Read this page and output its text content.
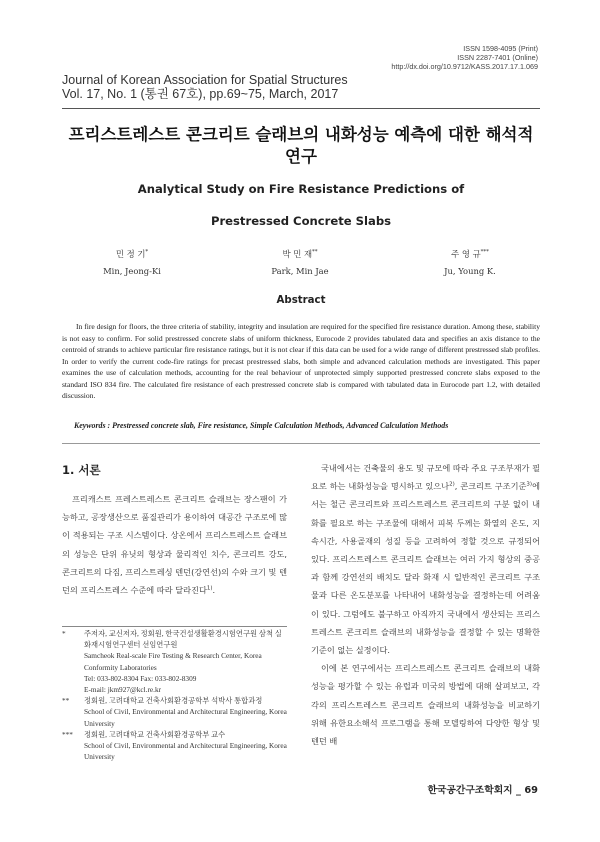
ISSN 1598-4095 (Print)
ISSN 2287-7401 (Online)
http://dx.doi.org/10.9712/KASS.2017.17.1.069
Journal of Korean Association for Spatial Structures
Vol. 17, No. 1 (통권 67호), pp.69~75, March, 2017
프리스트레스트 콘크리트 슬래브의 내화성능 예측에 대한 해석적 연구
Analytical Study on Fire Resistance Predictions of
Prestressed Concrete Slabs
민 정 기*
Min, Jeong-Ki
박 민 재**
Park, Min Jae
주 영 규***
Ju, Young K.
Abstract
In fire design for floors, the three criteria of stability, integrity and insulation are required for the specified fire resistance duration. Among these, stability is not easy to confirm. For solid prestressed concrete slabs of uniform thickness, Eurocode 2 provides tabulated data and specifies an axis distance to the centroid of strands to achieve particular fire resistance ratings, but it is not clear if this data can be used for a wide range of different prestressed slab profiles. In order to verify the current code-fire ratings for precast prestressed slabs, both simple and advanced calculation methods are investigated. This paper examines the use of calculation methods, accounting for the real behaviour of unprotected simply supported prestressed concrete slabs exposed to the standard ISO 834 fire. The calculated fire resistance of each prestressed concrete slab is compared with tabulated data in Eurocode part 1.2, with detailed discussion.
Keywords : Prestressed concrete slab, Fire resistance, Simple Calculation Methods, Advanced Calculation Methods
1. 서론
프리캐스트 프레스트레스트 콘크리트 슬래브는 장스팬이 가능하고, 공장생산으로 품질관리가 용이하여 대공간 구조로에 많이 적용되는 구조 시스템이다. 상온에서 프리스트레스트 슬래브의 성능은 단위 유닛의 형상과 물리적인 치수, 콘크리트 강도, 콘크리트의 다짐, 프리스트레싱 텐던(강연선)의 수와 크기 및 텐던의 프리스트레스 수준에 따라 달라진다$^{1)}$.

국내에서는 건축물의 용도 및 규모에 따라 주요 구조부재가 필요로 하는 내화성능을 명시하고 있으나$^{2)}$, 콘크리트 구조기준$^{3)}$에서는 철근 콘크리트와 프리스트레스트 콘크리트의 구분 없이 내화를 필요로 하는 구조물에 대해서 피복 두께는 화열의 온도, 지속시간, 사용골재의 성질 등을 고려하여 정할 것으로 규정되어 있다. 프리스트레스트 콘크리트 슬래브는 여러 가지 형상의 중공과 함께 강연선의 배치도 달라 화재 시 일반적인 콘크리트 구조물과 다른 온도분포를 나타내어 내화성능을 결정하는데 어려움이 있다. 그럼에도 불구하고 아직까지 국내에서 생산되는 프리스트레스트 콘크리트 슬래브의 내화성능을 결정할 수 있는 명확한 기준이 없는 실정이다.

이에 본 연구에서는 프리스트레스트 콘크리트 슬래브의 내화성능을 평가할 수 있는 유럽과 미국의 방법에 대해 살펴보고, 각각의 프리스트레스트 콘크리트 슬래브의 내화성능을 비교하기 위해 유한요소해석 프로그램을 통해 모델링하여 다양한 형상 및 텐던 배

*	주저자, 교신저자, 정회원, 한국건설생활환경시험연구원 삼척 실화재시험연구센터 선임연구원
Samcheok Real-scale Fire Testing & Research Center, Korea Conformity Laboratories
Tel: 033-802-8304 Fax: 033-802-8309
E-mail: jkm927@kcl.re.kr
**	정회원, 고려대학교 건축사회환경공학부 석박사 통합과정
School of Civil, Environmental and Architectural Engineering, Korea University
***	정회원, 고려대학교 건축사회환경공학부 교수
School of Civil, Environmental and Architectural Engineering, Korea University
한국공간구조학회지 _ 69
